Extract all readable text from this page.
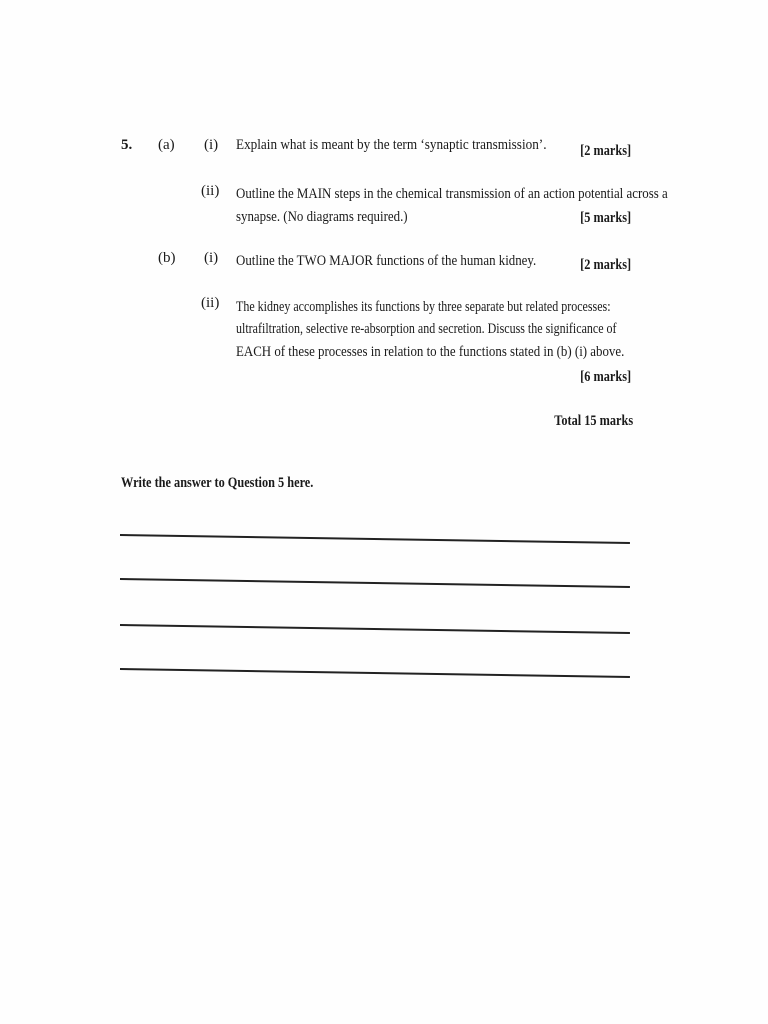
5. (a) (i) Explain what is meant by the term ‘synaptic transmission’. [2 marks]
(ii) Outline the MAIN steps in the chemical transmission of an action potential across a
synapse. (No diagrams required.)	[5 marks]
(b) (i) Outline the TWO MAJOR functions of the human kidney.	[2 marks]
(ii) The kidney accomplishes its functions by three separate but related processes:
ultrafiltration, selective re-absorption and secretion. Discuss the significance of
EACH of these processes in relation to the functions stated in (b) (i) above.
[6 marks]
Total 15 marks
Write the answer to Question 5 here.
